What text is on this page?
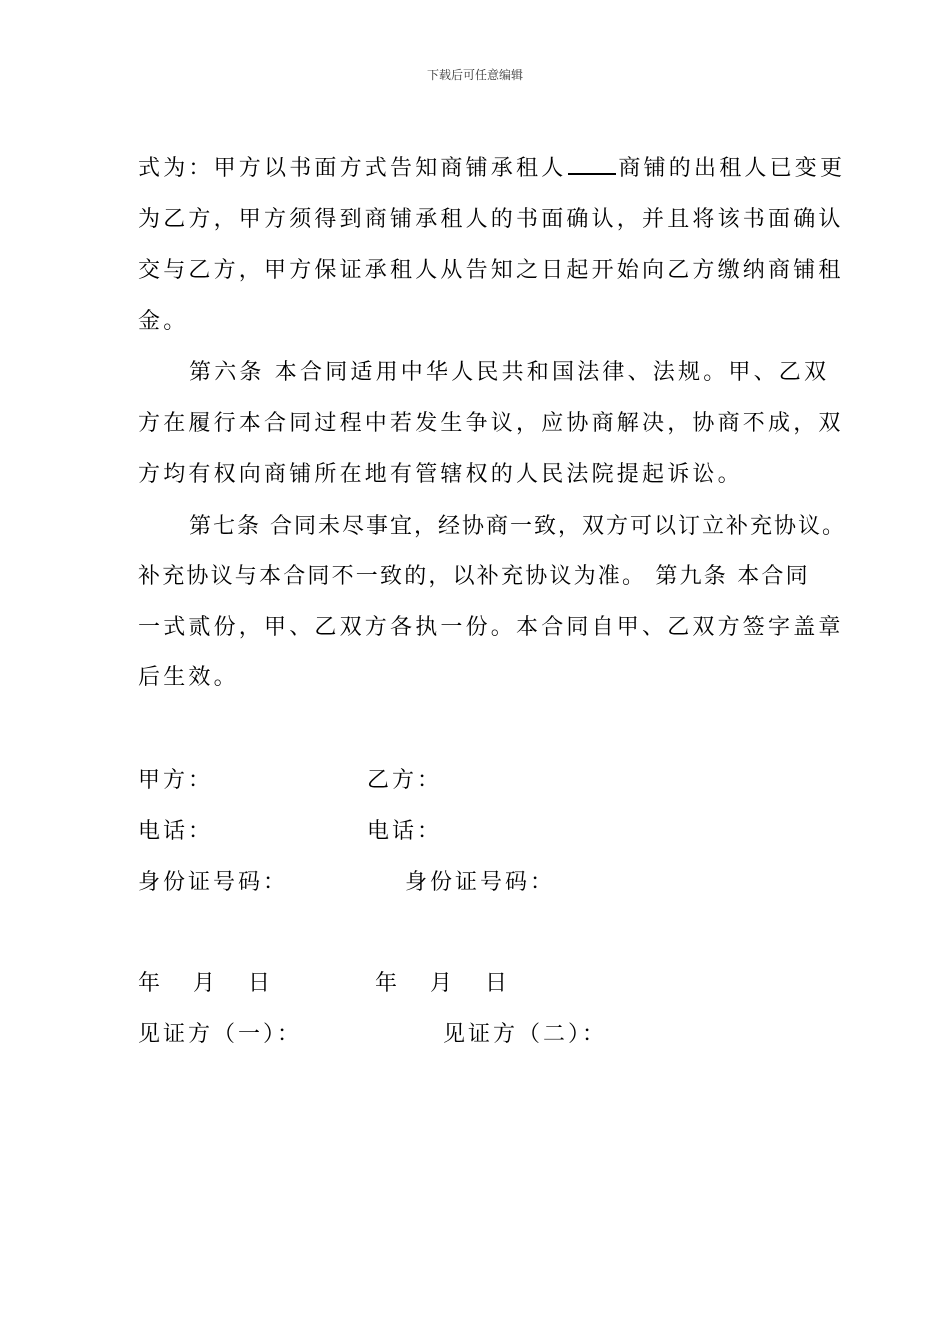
下载后可任意编辑
式为：甲方以书面方式告知商铺承租人 商铺的出租人已变更
为乙方，甲方须得到商铺承租人的书面确认，并且将该书面确认
交与乙方，甲方保证承租人从告知之日起开始向乙方缴纳商铺租
金。
第六条 本合同适用中华人民共和国法律、法规。甲、乙双
方在履行本合同过程中若发生争议，应协商解决，协商不成，双
方均有权向商铺所在地有管辖权的人民法院提起诉讼。
第七条 合同未尽事宜，经协商一致，双方可以订立补充协议。
补充协议与本合同不一致的，以补充协议为准。 第九条 本合同
一式贰份，甲、乙双方各执一份。本合同自甲、乙双方签字盖章
后生效。
甲方：	乙方：
电话：	电话：
身份证号码：	身份证号码：
年   月   日	年   月   日
见证方（一）：	见证方（二）：
